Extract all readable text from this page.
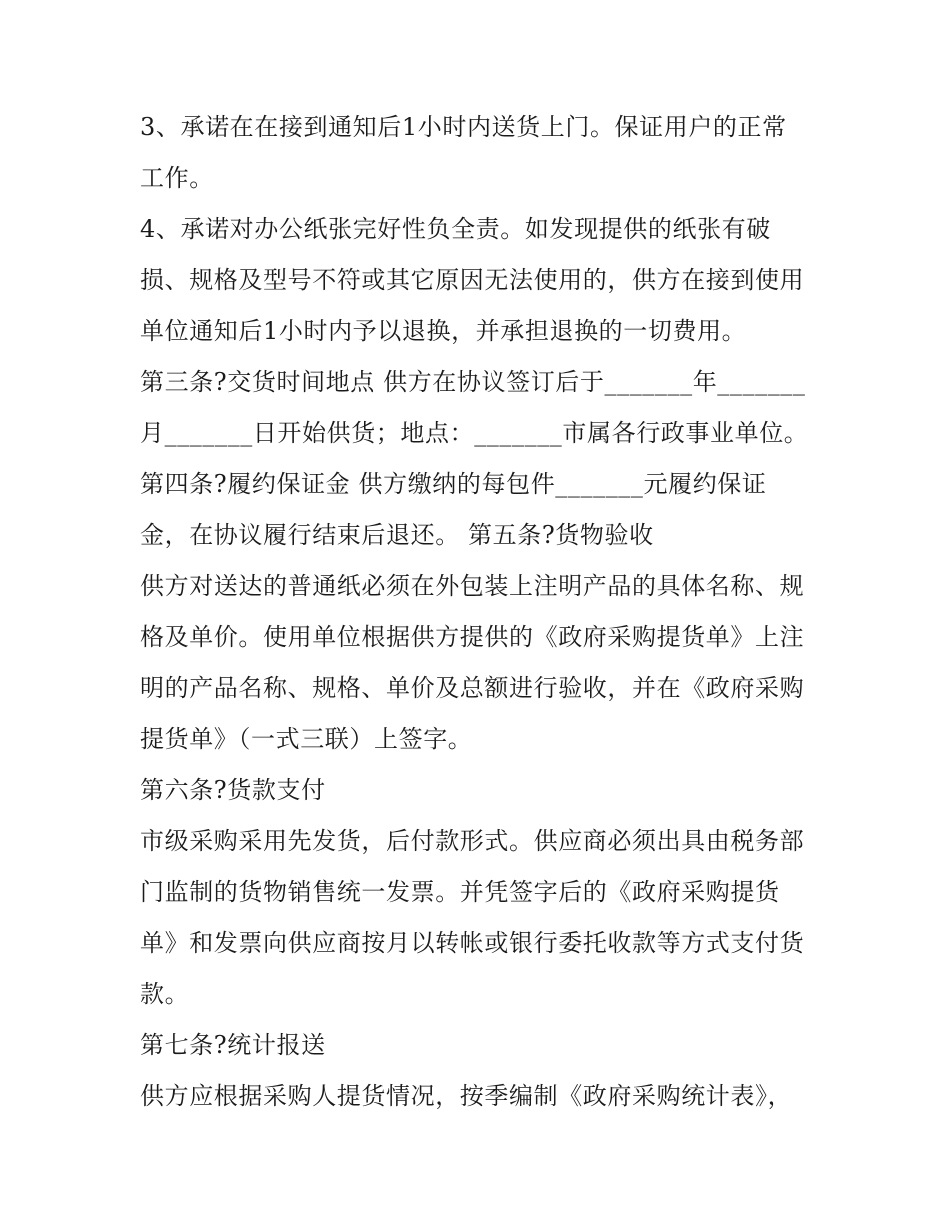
3、承诺在在接到通知后1小时内送货上门。保证用户的正常
工作。
4、承诺对办公纸张完好性负全责。如发现提供的纸张有破
损、规格及型号不符或其它原因无法使用的，供方在接到使用
单位通知后1小时内予以退换，并承担退换的一切费用。
第三条?交货时间地点 供方在协议签订后于_______年_______
月_______日开始供货；地点：_______市属各行政事业单位。
第四条?履约保证金 供方缴纳的每包件_______元履约保证
金，在协议履行结束后退还。 第五条?货物验收
供方对送达的普通纸必须在外包装上注明产品的具体名称、规
格及单价。使用单位根据供方提供的《政府采购提货单》上注
明的产品名称、规格、单价及总额进行验收，并在《政府采购
提货单》（一式三联）上签字。
第六条?货款支付
市级采购采用先发货，后付款形式。供应商必须出具由税务部
门监制的货物销售统一发票。并凭签字后的《政府采购提货
单》和发票向供应商按月以转帐或银行委托收款等方式支付货
款。
第七条?统计报送
供方应根据采购人提货情况，按季编制《政府采购统计表》，
